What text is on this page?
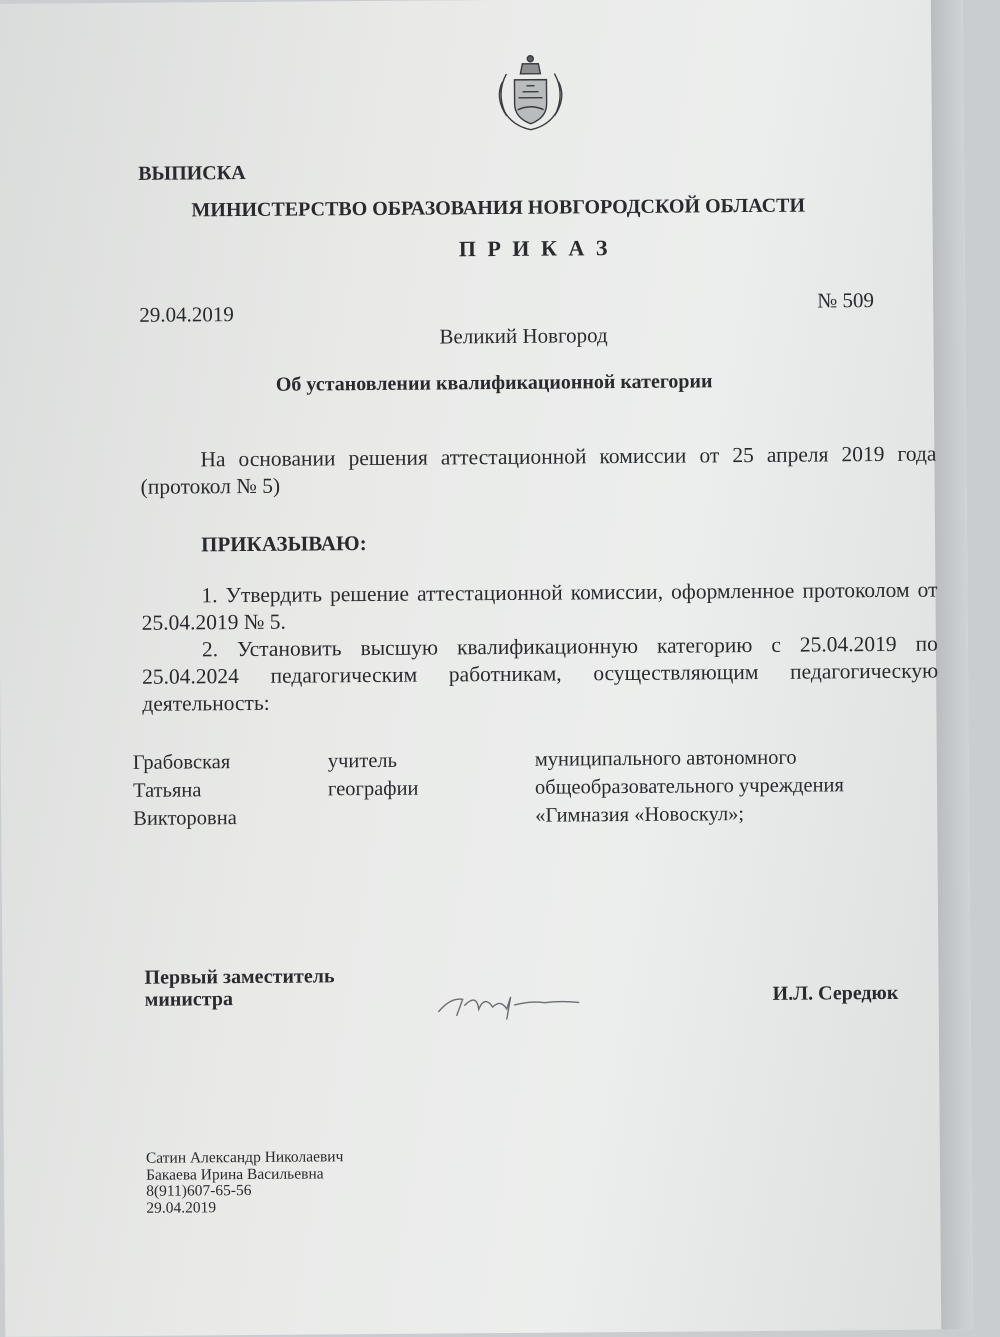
ВЫПИСКА
МИНИСТЕРСТВО ОБРАЗОВАНИЯ НОВГОРОДСКОЙ ОБЛАСТИ
П Р И К А З
29.04.2019
№ 509
Великий Новгород
Об установлении квалификационной категории
На основании решения аттестационной комиссии от 25 апреля 2019 года (протокол № 5)
ПРИКАЗЫВАЮ:
1. Утвердить решение аттестационной комиссии, оформленное протоколом от 25.04.2019 № 5.
2. Установить высшую квалификационную категорию с 25.04.2019 по 25.04.2024 педагогическим работникам, осуществляющим педагогическую деятельность:
Грабовская
Татьяна
Викторовна
учитель
географии
муниципального автономного
общеобразовательного учреждения
«Гимназия «Новоскул»;
Первый заместитель
министра	И.Л. Середюк
Сатин Александр Николаевич
Бакаева Ирина Васильевна
8(911)607-65-56
29.04.2019
